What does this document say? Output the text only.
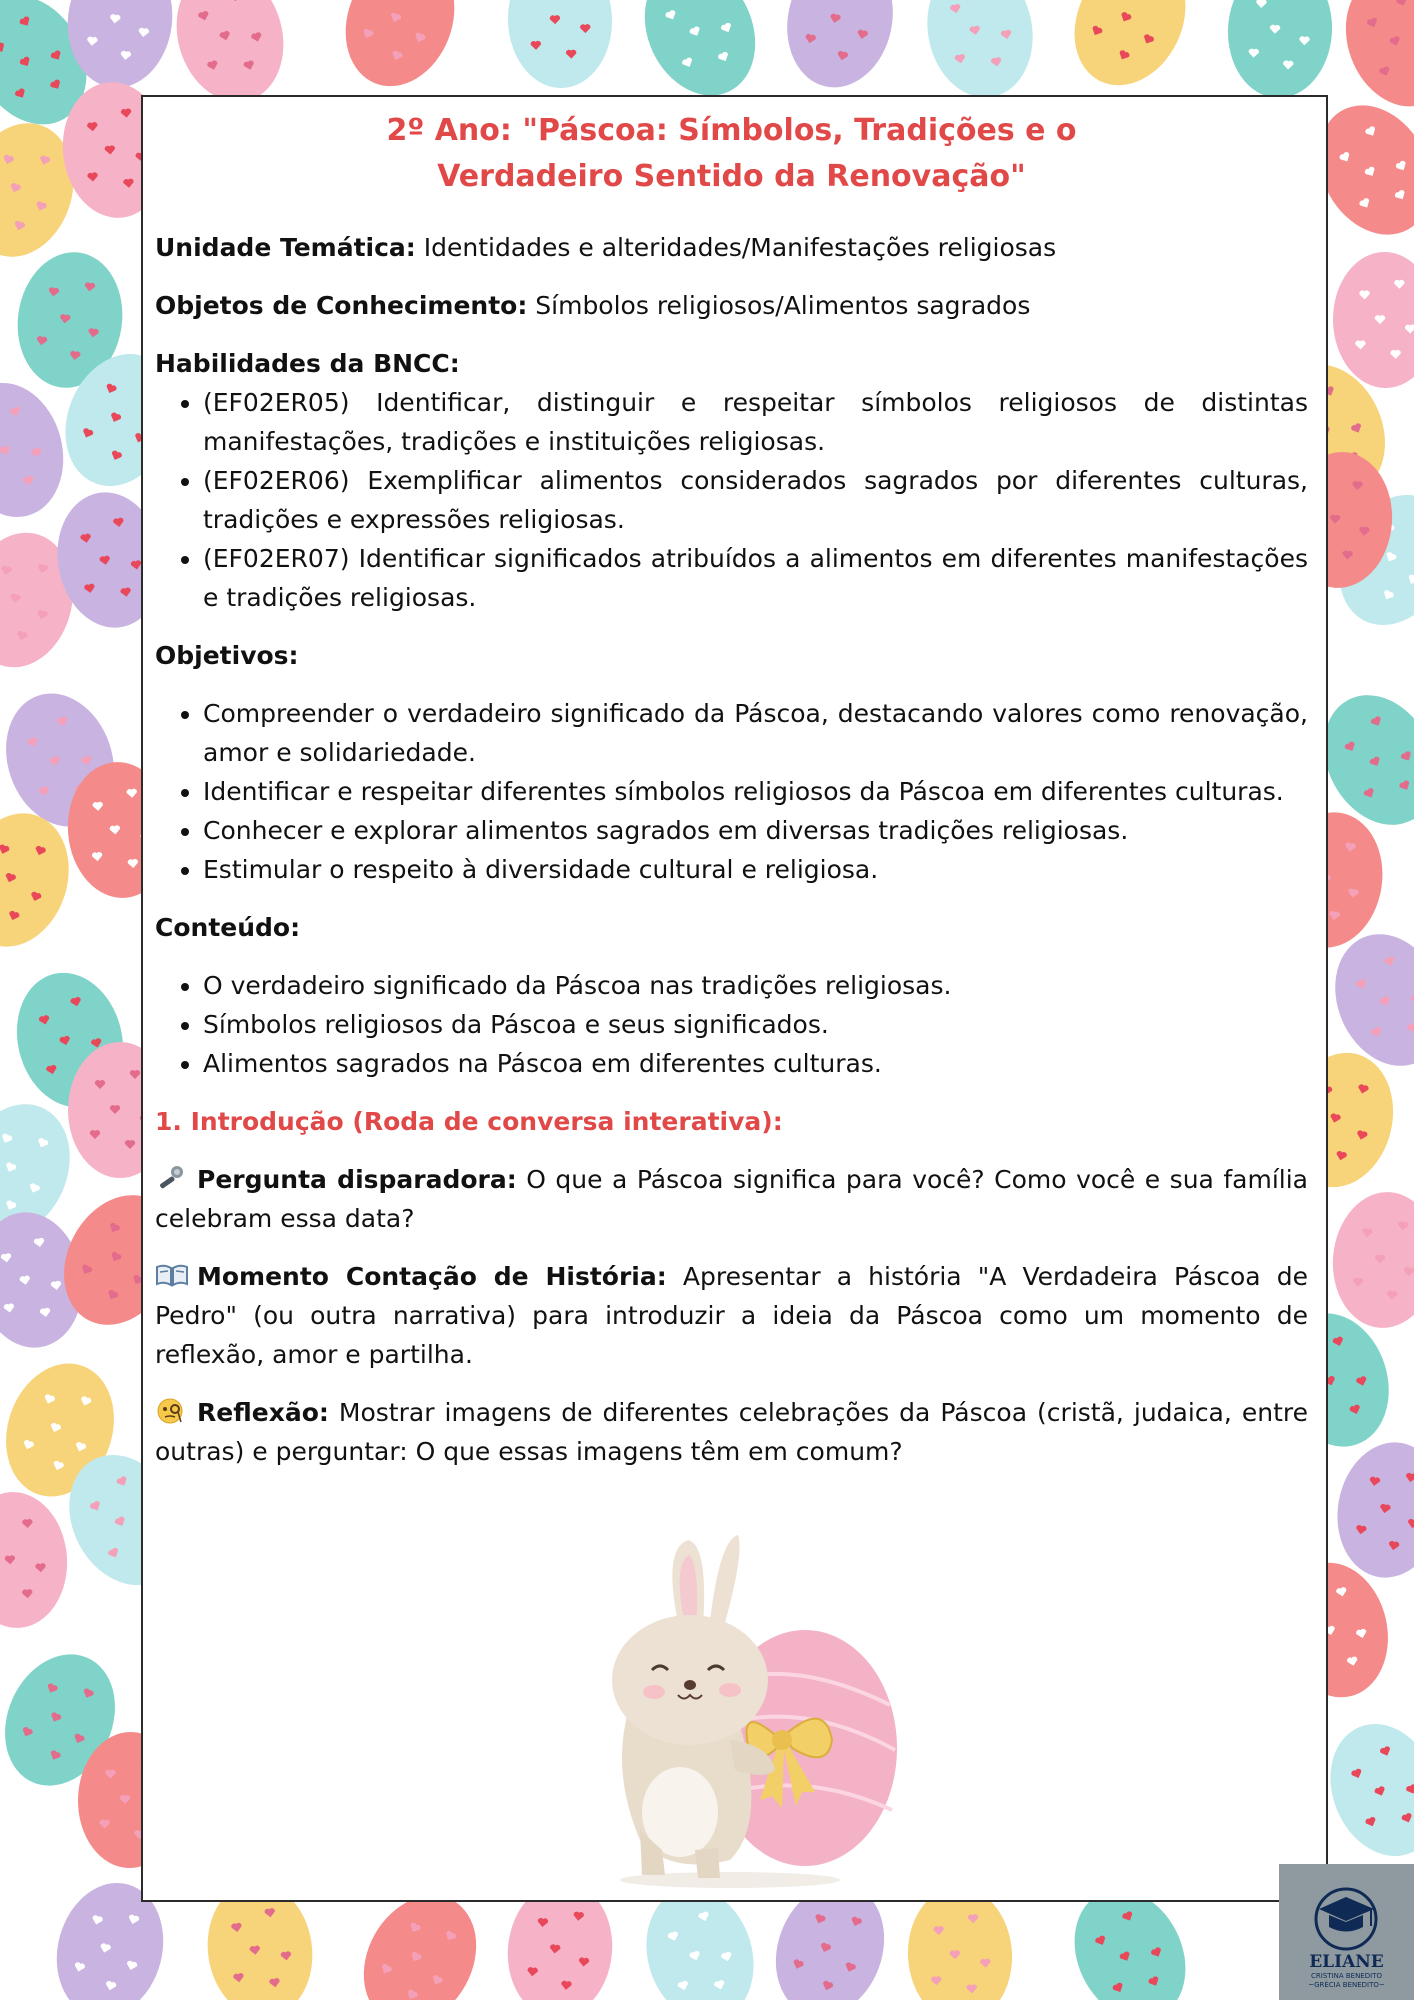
2º Ano: "Páscoa: Símbolos, Tradições e o
Verdadeiro Sentido da Renovação"

Unidade Temática: Identidades e alteridades/Manifestações religiosas

Objetos de Conhecimento: Símbolos religiosos/Alimentos sagrados

Habilidades da BNCC:

• (EF02ER05) Identificar, distinguir e respeitar símbolos religiosos de distintas manifestações, tradições e instituições religiosas.
• (EF02ER06) Exemplificar alimentos considerados sagrados por diferentes culturas, tradições e expressões religiosas.
• (EF02ER07) Identificar significados atribuídos a alimentos em diferentes manifestações e tradições religiosas.

Objetivos:

• Compreender o verdadeiro significado da Páscoa, destacando valores como renovação, amor e solidariedade.
• Identificar e respeitar diferentes símbolos religiosos da Páscoa em diferentes culturas.
• Conhecer e explorar alimentos sagrados em diversas tradições religiosas.
• Estimular o respeito à diversidade cultural e religiosa.

Conteúdo:

• O verdadeiro significado da Páscoa nas tradições religiosas.
• Símbolos religiosos da Páscoa e seus significados.
• Alimentos sagrados na Páscoa em diferentes culturas.

1. Introdução (Roda de conversa interativa):

Pergunta disparadora: O que a Páscoa significa para você? Como você e sua família celebram essa data?

Momento Contação de História: Apresentar a história "A Verdadeira Páscoa de Pedro" (ou outra narrativa) para introduzir a ideia da Páscoa como um momento de reflexão, amor e partilha.

Reflexão: Mostrar imagens de diferentes celebrações da Páscoa (cristã, judaica, entre outras) e perguntar: O que essas imagens têm em comum?

ELIANE
CRISTINA BENEDITO
~GRÉCIA BENEDITO~
